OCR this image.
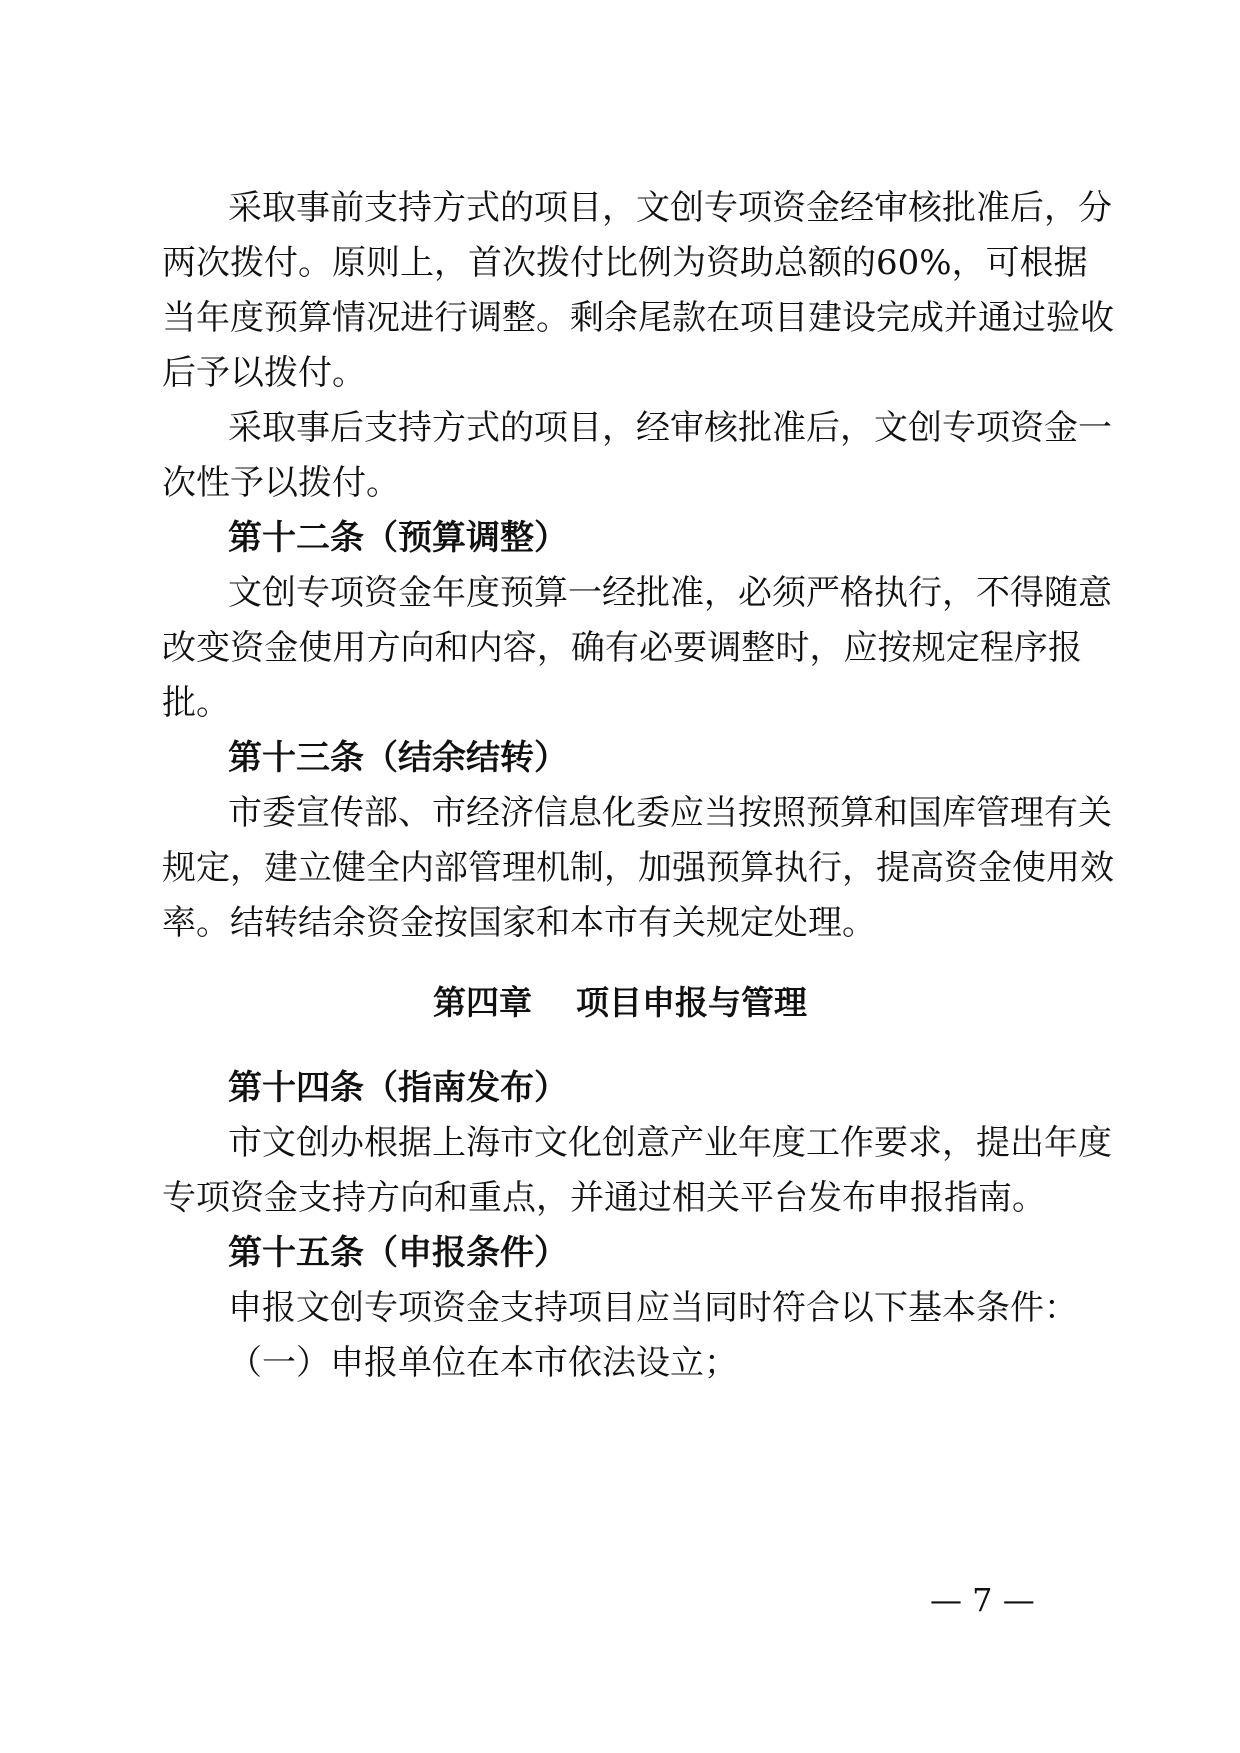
采取事前支持方式的项目，文创专项资金经审核批准后，分
两次拨付。原则上，首次拨付比例为资助总额的60%，可根据
当年度预算情况进行调整。剩余尾款在项目建设完成并通过验收
后予以拨付。
采取事后支持方式的项目，经审核批准后，文创专项资金一
次性予以拨付。
第十二条（预算调整）
文创专项资金年度预算一经批准，必须严格执行，不得随意
改变资金使用方向和内容，确有必要调整时，应按规定程序报
批。
第十三条（结余结转）
市委宣传部、市经济信息化委应当按照预算和国库管理有关
规定，建立健全内部管理机制，加强预算执行，提高资金使用效
率。结转结余资金按国家和本市有关规定处理。
第四章 项目申报与管理
第十四条（指南发布）
市文创办根据上海市文化创意产业年度工作要求，提出年度
专项资金支持方向和重点，并通过相关平台发布申报指南。
第十五条（申报条件）
申报文创专项资金支持项目应当同时符合以下基本条件：
（一）申报单位在本市依法设立；
— 7 —
